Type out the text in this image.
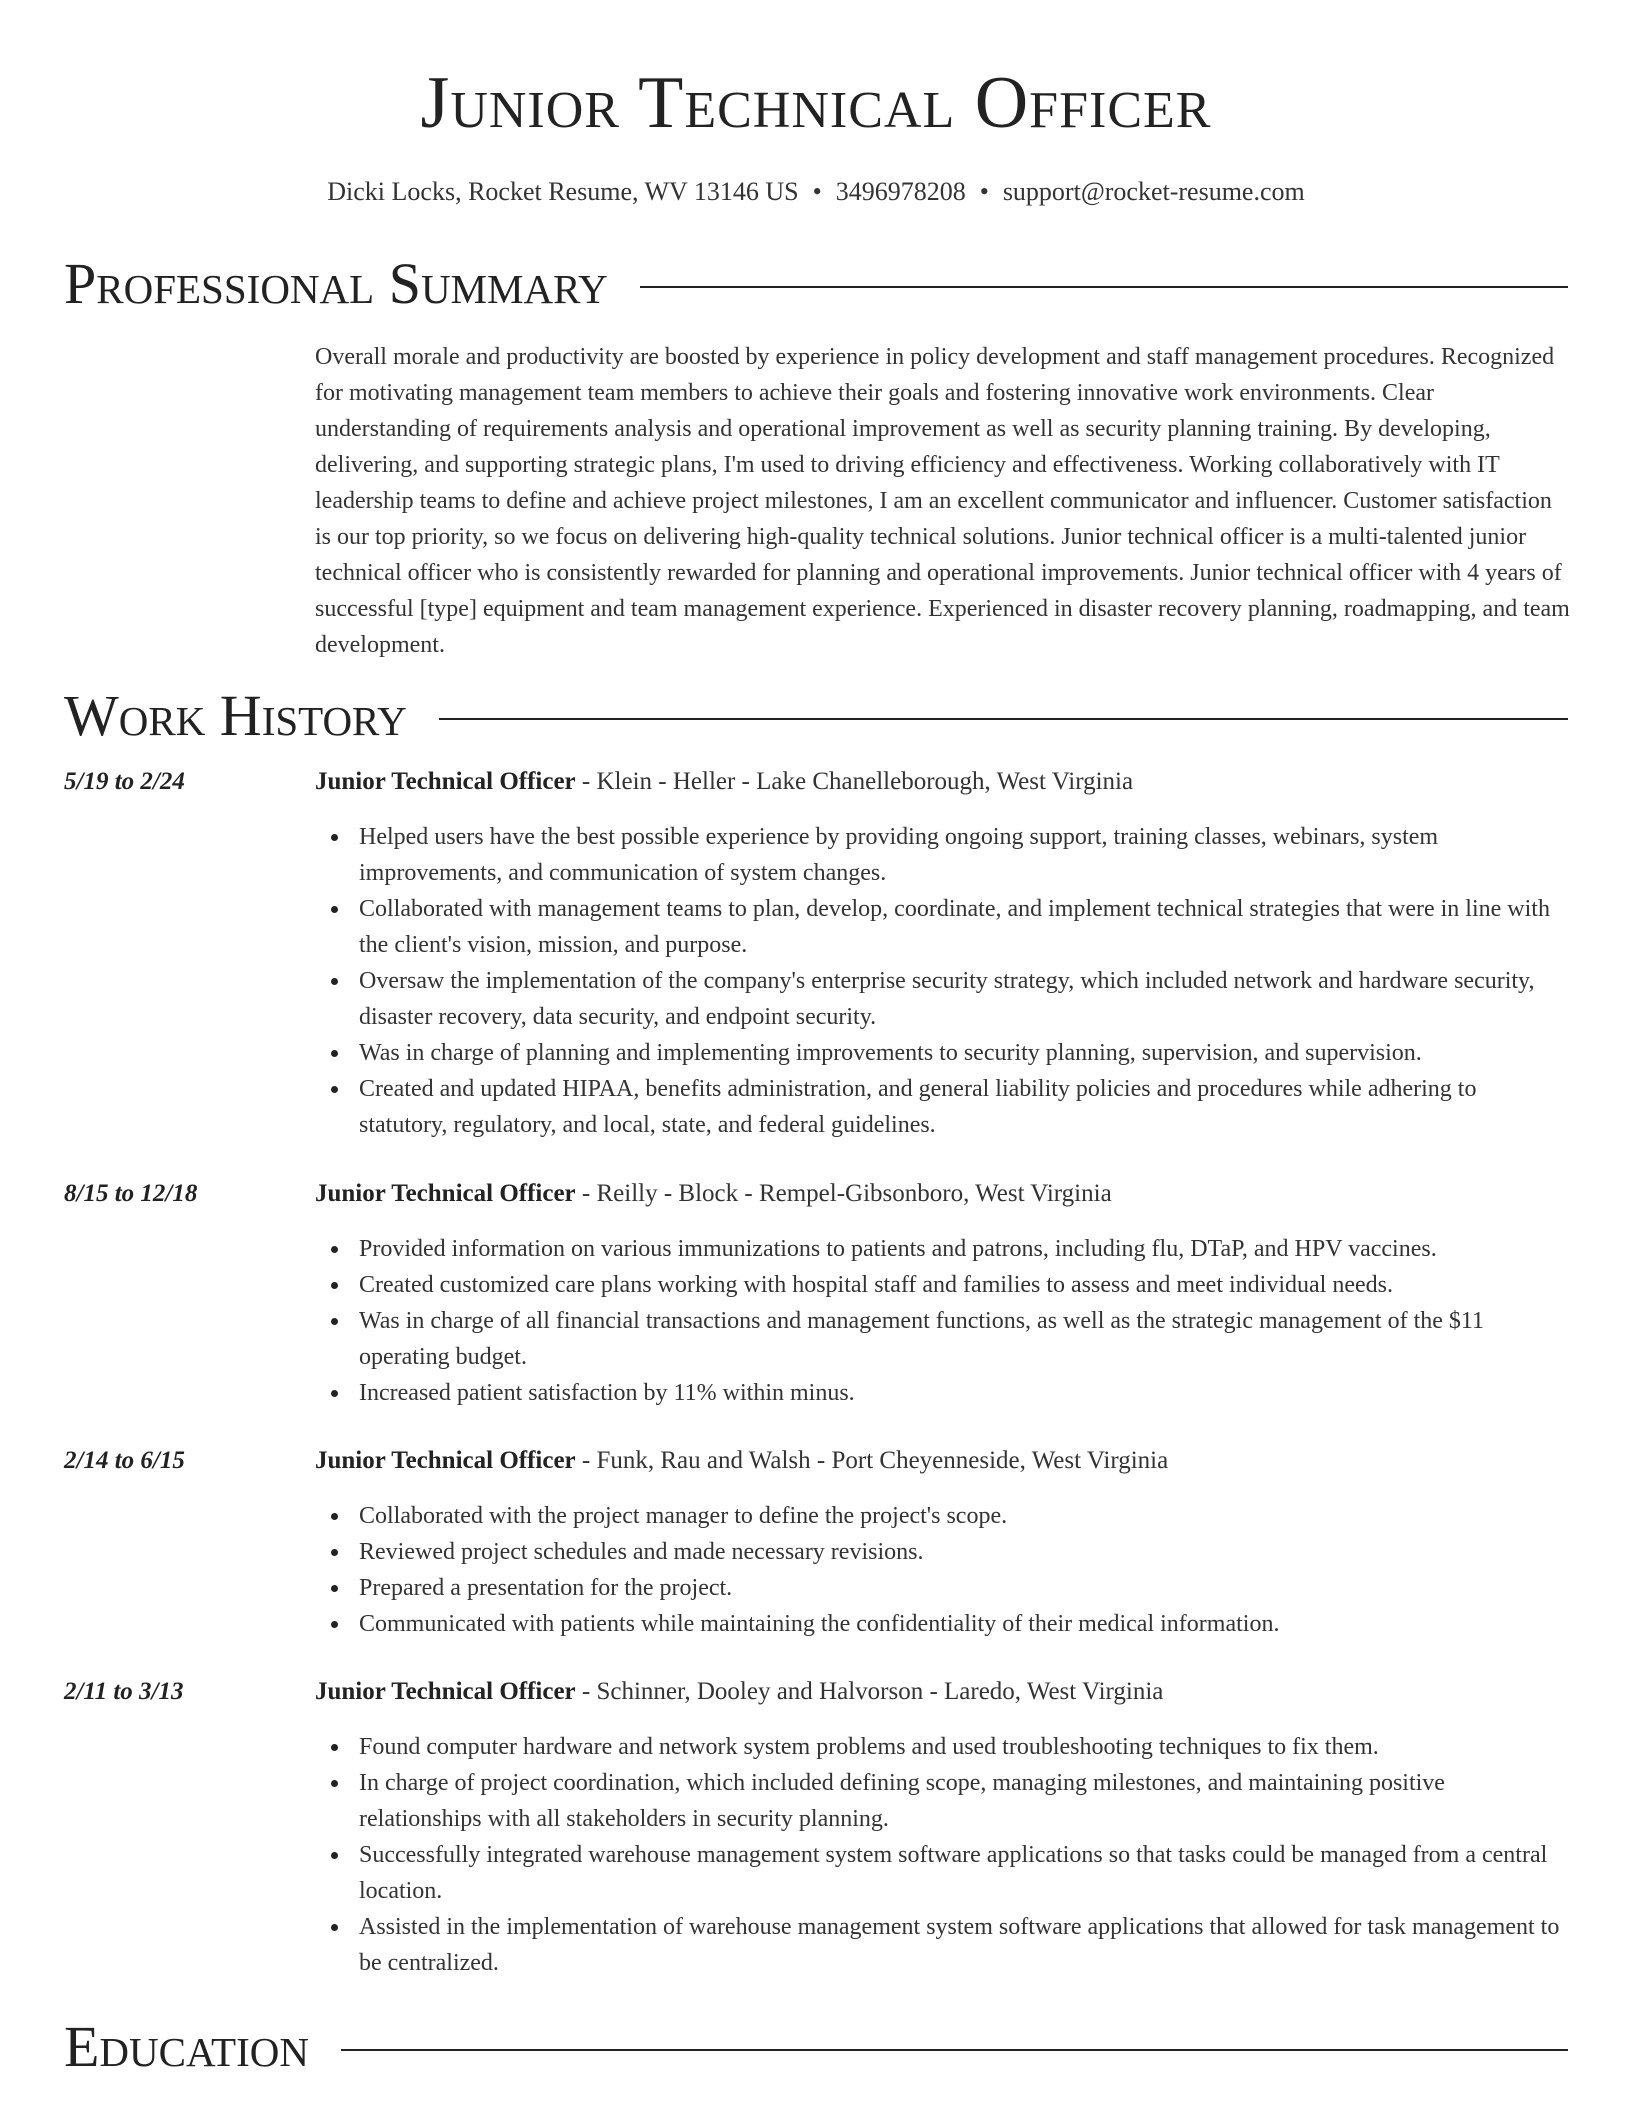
Junior Technical Officer
Dicki Locks, Rocket Resume, WV 13146 US • 3496978208 • support@rocket-resume.com
Professional Summary
Overall morale and productivity are boosted by experience in policy development and staff management procedures. Recognized for motivating management team members to achieve their goals and fostering innovative work environments. Clear understanding of requirements analysis and operational improvement as well as security planning training. By developing, delivering, and supporting strategic plans, I'm used to driving efficiency and effectiveness. Working collaboratively with IT leadership teams to define and achieve project milestones, I am an excellent communicator and influencer. Customer satisfaction is our top priority, so we focus on delivering high-quality technical solutions. Junior technical officer is a multi-talented junior technical officer who is consistently rewarded for planning and operational improvements. Junior technical officer with 4 years of successful [type] equipment and team management experience. Experienced in disaster recovery planning, roadmapping, and team development.
Work History
5/19 to 2/24	Junior Technical Officer - Klein - Heller - Lake Chanelleborough, West Virginia
Helped users have the best possible experience by providing ongoing support, training classes, webinars, system improvements, and communication of system changes.
Collaborated with management teams to plan, develop, coordinate, and implement technical strategies that were in line with the client's vision, mission, and purpose.
Oversaw the implementation of the company's enterprise security strategy, which included network and hardware security, disaster recovery, data security, and endpoint security.
Was in charge of planning and implementing improvements to security planning, supervision, and supervision.
Created and updated HIPAA, benefits administration, and general liability policies and procedures while adhering to statutory, regulatory, and local, state, and federal guidelines.
8/15 to 12/18	Junior Technical Officer - Reilly - Block - Rempel-Gibsonboro, West Virginia
Provided information on various immunizations to patients and patrons, including flu, DTaP, and HPV vaccines.
Created customized care plans working with hospital staff and families to assess and meet individual needs.
Was in charge of all financial transactions and management functions, as well as the strategic management of the $11 operating budget.
Increased patient satisfaction by 11% within minus.
2/14 to 6/15	Junior Technical Officer - Funk, Rau and Walsh - Port Cheyenneside, West Virginia
Collaborated with the project manager to define the project's scope.
Reviewed project schedules and made necessary revisions.
Prepared a presentation for the project.
Communicated with patients while maintaining the confidentiality of their medical information.
2/11 to 3/13	Junior Technical Officer - Schinner, Dooley and Halvorson - Laredo, West Virginia
Found computer hardware and network system problems and used troubleshooting techniques to fix them.
In charge of project coordination, which included defining scope, managing milestones, and maintaining positive relationships with all stakeholders in security planning.
Successfully integrated warehouse management system software applications so that tasks could be managed from a central location.
Assisted in the implementation of warehouse management system software applications that allowed for task management to be centralized.
Education
